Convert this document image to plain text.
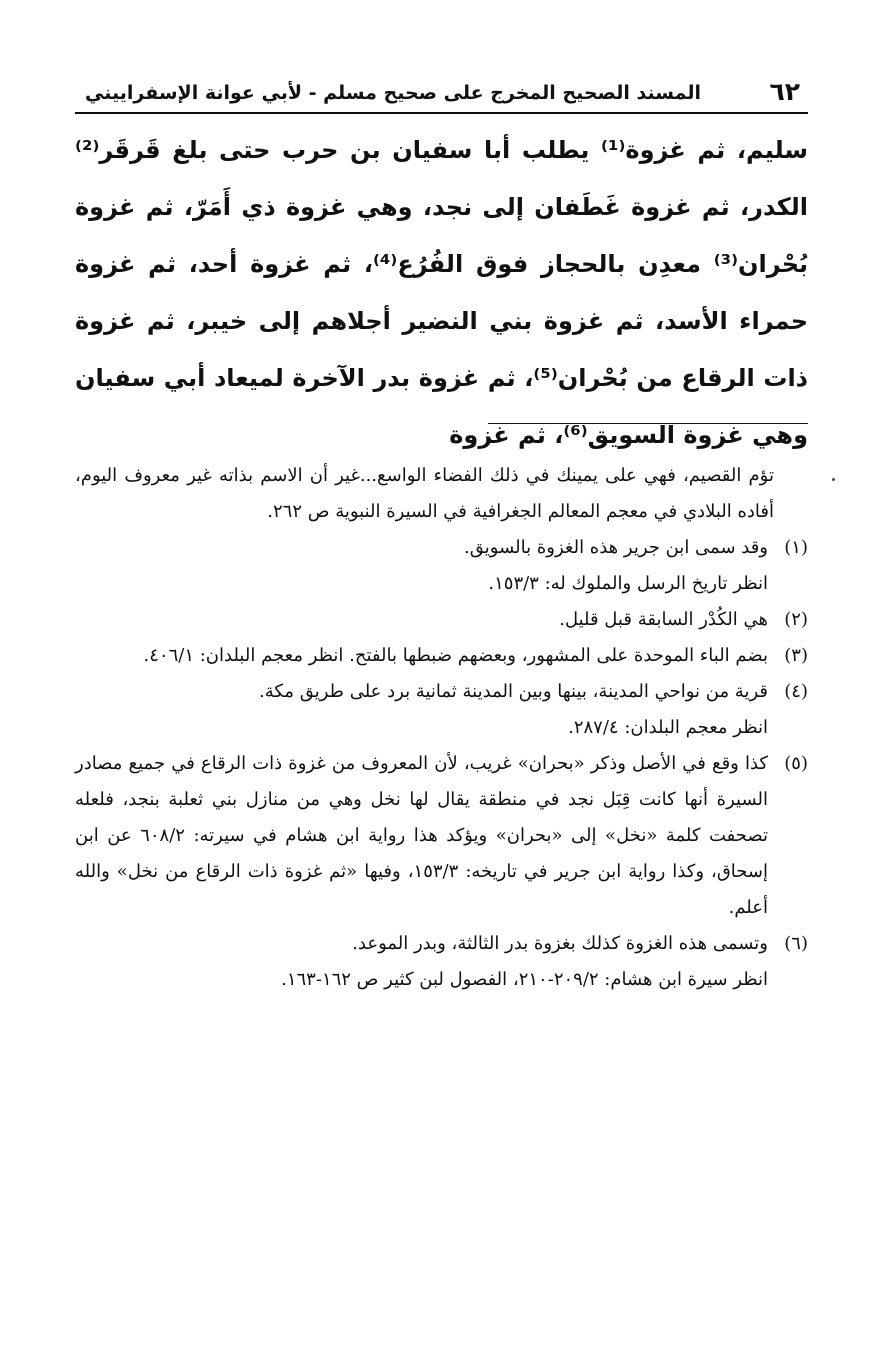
٦٢
المسند الصحيح المخرج على صحيح مسلم - لأبي عوانة الإسفراييني

سليم، ثم غزوة⁽¹⁾ يطلب أبا سفيان بن حرب حتى بلغ قَرقَر⁽²⁾ الكدر، ثم غزوة غَطَفان إلى نجد، وهي غزوة ذي أَمَرّ، ثم غزوة بُحْران⁽³⁾ معدِن بالحجاز فوق الفُرُع⁽⁴⁾، ثم غزوة أحد، ثم غزوة حمراء الأسد، ثم غزوة بني النضير أجلاهم إلى خيبر، ثم غزوة ذات الرقاع من بُحْران⁽⁵⁾، ثم غزوة بدر الآخرة لميعاد أبي سفيان وهي غزوة السويق⁽⁶⁾، ثم غزوة

تؤم القصيم، فهي على يمينك في ذلك الفضاء الواسع...غير أن الاسم بذاته غير معروف اليوم، أفاده البلادي في معجم المعالم الجغرافية في السيرة النبوية ص ٢٦٢.

(١)

وقد سمى ابن جرير هذه الغزوة بالسويق.

انظر تاريخ الرسل والملوك له: ١٥٣/٣.

(٢)

هي الكُدْر السابقة قبل قليل.

(٣)

بضم الباء الموحدة على المشهور، وبعضهم ضبطها بالفتح. انظر معجم البلدان: ٤٠٦/١.

(٤)

قرية من نواحي المدينة، بينها وبين المدينة ثمانية برد على طريق مكة.

انظر معجم البلدان: ٢٨٧/٤.

(٥)

كذا وقع في الأصل وذكر «بحران» غريب، لأن المعروف من غزوة ذات الرقاع في جميع مصادر السيرة أنها كانت قِبَل نجد في منطقة يقال لها نخل وهي من منازل بني ثعلبة بنجد، فلعله تصحفت كلمة «نخل» إلى «بحران» ويؤكد هذا رواية ابن هشام في سيرته: ٦٠٨/٢ عن ابن إسحاق، وكذا رواية ابن جرير في تاريخه: ١٥٣/٣، وفيها «ثم غزوة ذات الرقاع من نخل» والله أعلم.

(٦)

وتسمى هذه الغزوة كذلك بغزوة بدر الثالثة، وبدر الموعد.

انظر سيرة ابن هشام: ٢٠٩/٢-٢١٠، الفصول لبن كثير ص ١٦٢-١٦٣.
